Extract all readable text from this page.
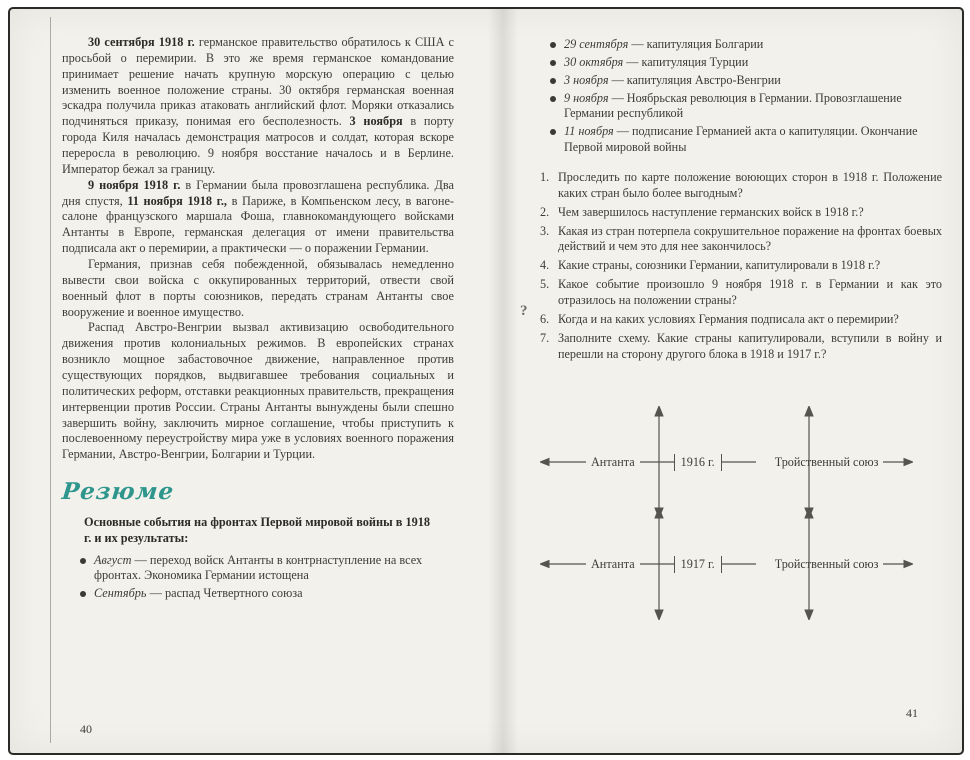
30 сентября 1918 г. германское правительство обратилось к США с просьбой о перемирии. В это же время германское командование принимает решение начать крупную морскую операцию с целью изменить военное положение страны. 30 октября германская военная эскадра получила приказ атаковать английский флот. Моряки отказались подчиняться приказу, понимая его бесполезность. 3 ноября в порту города Киля началась демонстрация матросов и солдат, которая вскоре переросла в революцию. 9 ноября восстание началось и в Берлине. Император бежал за границу.

9 ноября 1918 г. в Германии была провозглашена республика. Два дня спустя, 11 ноября 1918 г., в Париже, в Компьенском лесу, в вагоне-салоне французского маршала Фоша, главнокомандующего войсками Антанты в Европе, германская делегация от имени правительства подписала акт о перемирии, а практически — о поражении Германии.

Германия, признав себя побежденной, обязывалась немедленно вывести свои войска с оккупированных территорий, отвести свой военный флот в порты союзников, передать странам Антанты свое вооружение и военное имущество.

Распад Австро-Венгрии вызвал активизацию освободительного движения против колониальных режимов. В европейских странах возникло мощное забастовочное движение, направленное против существующих порядков, выдвигавшее требования социальных и политических реформ, отставки реакционных правительств, прекращения интервенции против России. Страны Антанты вынуждены были спешно завершить войну, заключить мирное соглашение, чтобы приступить к послевоенному переустройству мира уже в условиях военного поражения Германии, Австро-Венгрии, Болгарии и Турции.

Резюме
Основные события на фронтах Первой мировой войны в 1918 г. и их результаты:
Август — переход войск Антанты в контрнаступление на всех фронтах. Экономика Германии истощена
Сентябрь — распад Четвертного союза
40
29 сентября — капитуляция Болгарии
30 октября — капитуляция Турции
3 ноября — капитуляция Австро-Венгрии
9 ноября — Ноябрьская революция в Германии. Провозглашение Германии республикой
11 ноября — подписание Германией акта о капитуляции. Окончание Первой мировой войны
?
1. Проследить по карте положение воюющих сторон в 1918 г. Положение каких стран было более выгодным?
2. Чем завершилось наступление германских войск в 1918 г.?
3. Какая из стран потерпела сокрушительное поражение на фронтах боевых действий и чем это для нее закончилось?
4. Какие страны, союзники Германии, капитулировали в 1918 г.?
5. Какое событие произошло 9 ноября 1918 г. в Германии и как это отразилось на положении страны?
6. Когда и на каких условиях Германия подписала акт о перемирии?
7. Заполните схему. Какие страны капитулировали, вступили в войну и перешли на сторону другого блока в 1918 и 1917 г.?
Антанта	1916 г.	Тройственный союз
Антанта	1917 г.	Тройственный союз
41
